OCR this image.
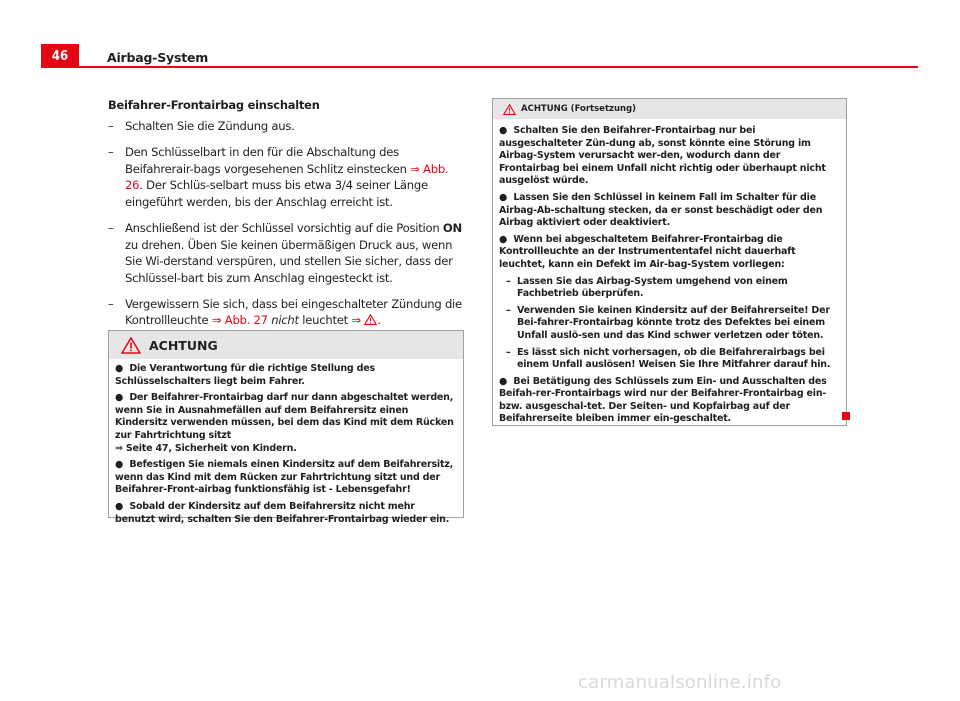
46	Airbag-System
Beifahrer-Frontairbag einschalten
– Schalten Sie die Zündung aus.
– Den Schlüsselbart in den für die Abschaltung des Beifahrerair-bags vorgesehenen Schlitz einstecken ⇒ Abb. 26. Der Schlüs-selbart muss bis etwa 3/4 seiner Länge eingeführt werden, bis der Anschlag erreicht ist.
– Anschließend ist der Schlüssel vorsichtig auf die Position ON zu drehen. Üben Sie keinen übermäßigen Druck aus, wenn Sie Wi-derstand verspüren, und stellen Sie sicher, dass der Schlüssel-bart bis zum Anschlag eingesteckt ist.
– Vergewissern Sie sich, dass bei eingeschalteter Zündung die Kontrollleuchte ⇒ Abb. 27 nicht leuchtet ⇒ .
ACHTUNG
● Die Verantwortung für die richtige Stellung des Schlüsselschalters liegt beim Fahrer.
● Der Beifahrer-Frontairbag darf nur dann abgeschaltet werden, wenn Sie in Ausnahmefällen auf dem Beifahrersitz einen Kindersitz verwenden müssen, bei dem das Kind mit dem Rücken zur Fahrtrichtung sitzt
⇒ Seite 47, Sicherheit von Kindern.
● Befestigen Sie niemals einen Kindersitz auf dem Beifahrersitz, wenn das Kind mit dem Rücken zur Fahrtrichtung sitzt und der Beifahrer-Front-airbag funktionsfähig ist - Lebensgefahr!
● Sobald der Kindersitz auf dem Beifahrersitz nicht mehr benutzt wird, schalten Sie den Beifahrer-Frontairbag wieder ein.
ACHTUNG (Fortsetzung)
● Schalten Sie den Beifahrer-Frontairbag nur bei ausgeschalteter Zün-dung ab, sonst könnte eine Störung im Airbag-System verursacht wer-den, wodurch dann der Frontairbag bei einem Unfall nicht richtig oder überhaupt nicht ausgelöst würde.
● Lassen Sie den Schlüssel in keinem Fall im Schalter für die Airbag-Ab-schaltung stecken, da er sonst beschädigt oder den Airbag aktiviert oder deaktiviert.
● Wenn bei abgeschaltetem Beifahrer-Frontairbag die Kontrollleuchte an der Instrumententafel nicht dauerhaft leuchtet, kann ein Defekt im Air-bag-System vorliegen:
– Lassen Sie das Airbag-System umgehend von einem Fachbetrieb überprüfen.
– Verwenden Sie keinen Kindersitz auf der Beifahrerseite! Der Bei-fahrer-Frontairbag könnte trotz des Defektes bei einem Unfall auslö-sen und das Kind schwer verletzen oder töten.
– Es lässt sich nicht vorhersagen, ob die Beifahrerairbags bei einem Unfall auslösen! Weisen Sie Ihre Mitfahrer darauf hin.
● Bei Betätigung des Schlüssels zum Ein- und Ausschalten des Beifah-rer-Frontairbags wird nur der Beifahrer-Frontairbag ein- bzw. ausgeschal-tet. Der Seiten- und Kopfairbag auf der Beifahrerseite bleiben immer ein-geschaltet.
carmanualsonline.info
